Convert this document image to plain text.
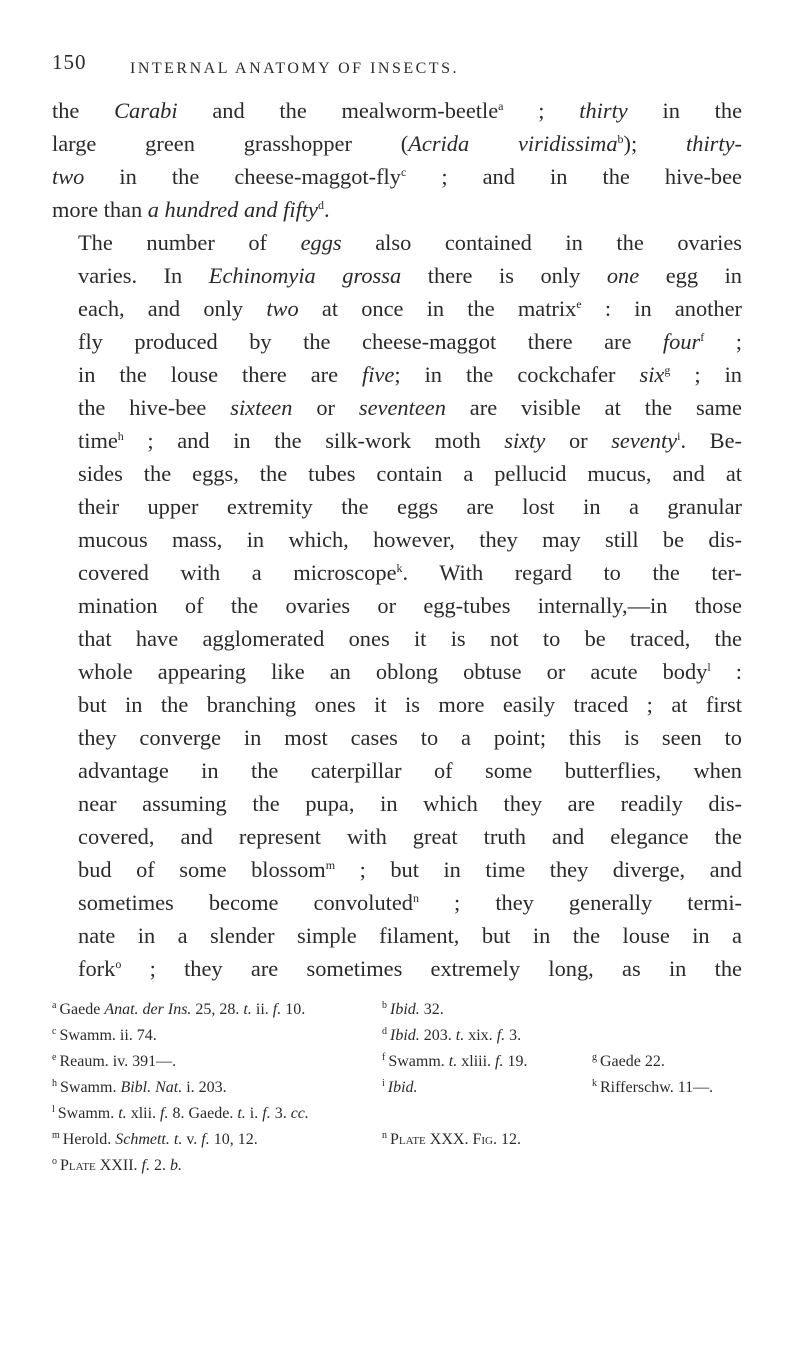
150	INTERNAL ANATOMY OF INSECTS.

the Carabi and the mealworm-beetle$^a$ ; thirty in the
large green grasshopper (Acrida viridissima$^b$); thirty-
two in the cheese-maggot-fly$^c$ ; and in the hive-bee
more than a hundred and fifty$^d$.

The number of eggs also contained in the ovaries
varies. In Echinomyia grossa there is only one egg in
each, and only two at once in the matrix$^e$ : in another
fly produced by the cheese-maggot there are four$^f$ ;
in the louse there are five; in the cockchafer six$^g$ ; in
the hive-bee sixteen or seventeen are visible at the same
time$^h$ ; and in the silk-work moth sixty or seventy$^i$. Be-
sides the eggs, the tubes contain a pellucid mucus, and at
their upper extremity the eggs are lost in a granular
mucous mass, in which, however, they may still be dis-
covered with a microscope$^k$. With regard to the ter-
mination of the ovaries or egg-tubes internally,—in those
that have agglomerated ones it is not to be traced, the
whole appearing like an oblong obtuse or acute body$^l$ :
but in the branching ones it is more easily traced ; at first
they converge in most cases to a point; this is seen to
advantage in the caterpillar of some butterflies, when
near assuming the pupa, in which they are readily dis-
covered, and represent with great truth and elegance the
bud of some blossom$^m$ ; but in time they diverge, and
sometimes become convoluted$^n$ ; they generally termi-
nate in a slender simple filament, but in the louse in a
fork$^o$ ; they are sometimes extremely long, as in the

$^a$ Gaede Anat. der Ins. 25, 28. t. ii. f. 10.	$^b$ Ibid. 32.
$^c$ Swamm. ii. 74.	$^d$ Ibid. 203. t. xix. f. 3.
$^e$ Reaum. iv. 391—.	$^f$ Swamm. t. xliii. f. 19.	$^g$ Gaede 22.
$^h$ Swamm. Bibl. Nat. i. 203.	$^i$ Ibid.	$^k$ Rifferschw. 11—.
$^l$ Swamm. t. xlii. f. 8. Gaede. t. i. f. 3. cc.
$^m$ Herold. Schmett. t. v. f. 10, 12.	$^n$ Plate XXX. Fig. 12.
$^o$ Plate XXII. f. 2. b.
